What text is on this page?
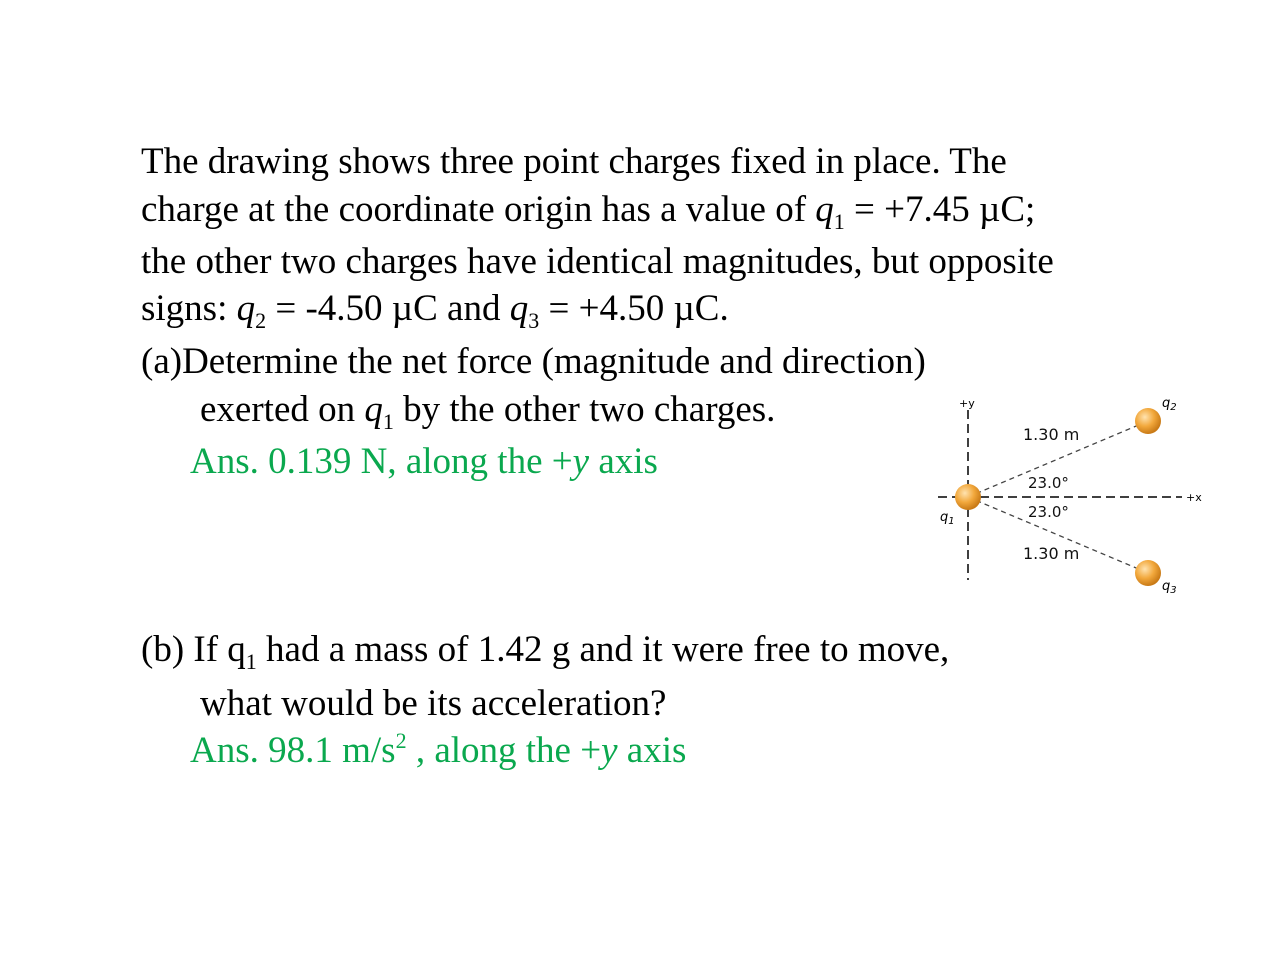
The drawing shows three point charges fixed in place. The
charge at the coordinate origin has a value of $q_1 = +7.45$ µC;
the other two charges have identical magnitudes, but opposite
signs: $q_2 = -4.50$ µC and $q_3 = +4.50$ µC.
(a)Determine the net force (magnitude and direction)
exerted on $q_1$ by the other two charges.
Ans. 0.139 N, along the +y axis
(b) If $q_1$ had a mass of 1.42 g and it were free to move,
what would be its acceleration?
Ans. 98.1 $m/s^2$ , along the +y axis
+y
+x
1.30 m
1.30 m
23.0°
23.0°
$q_1$
$q_2$
$q_3$
